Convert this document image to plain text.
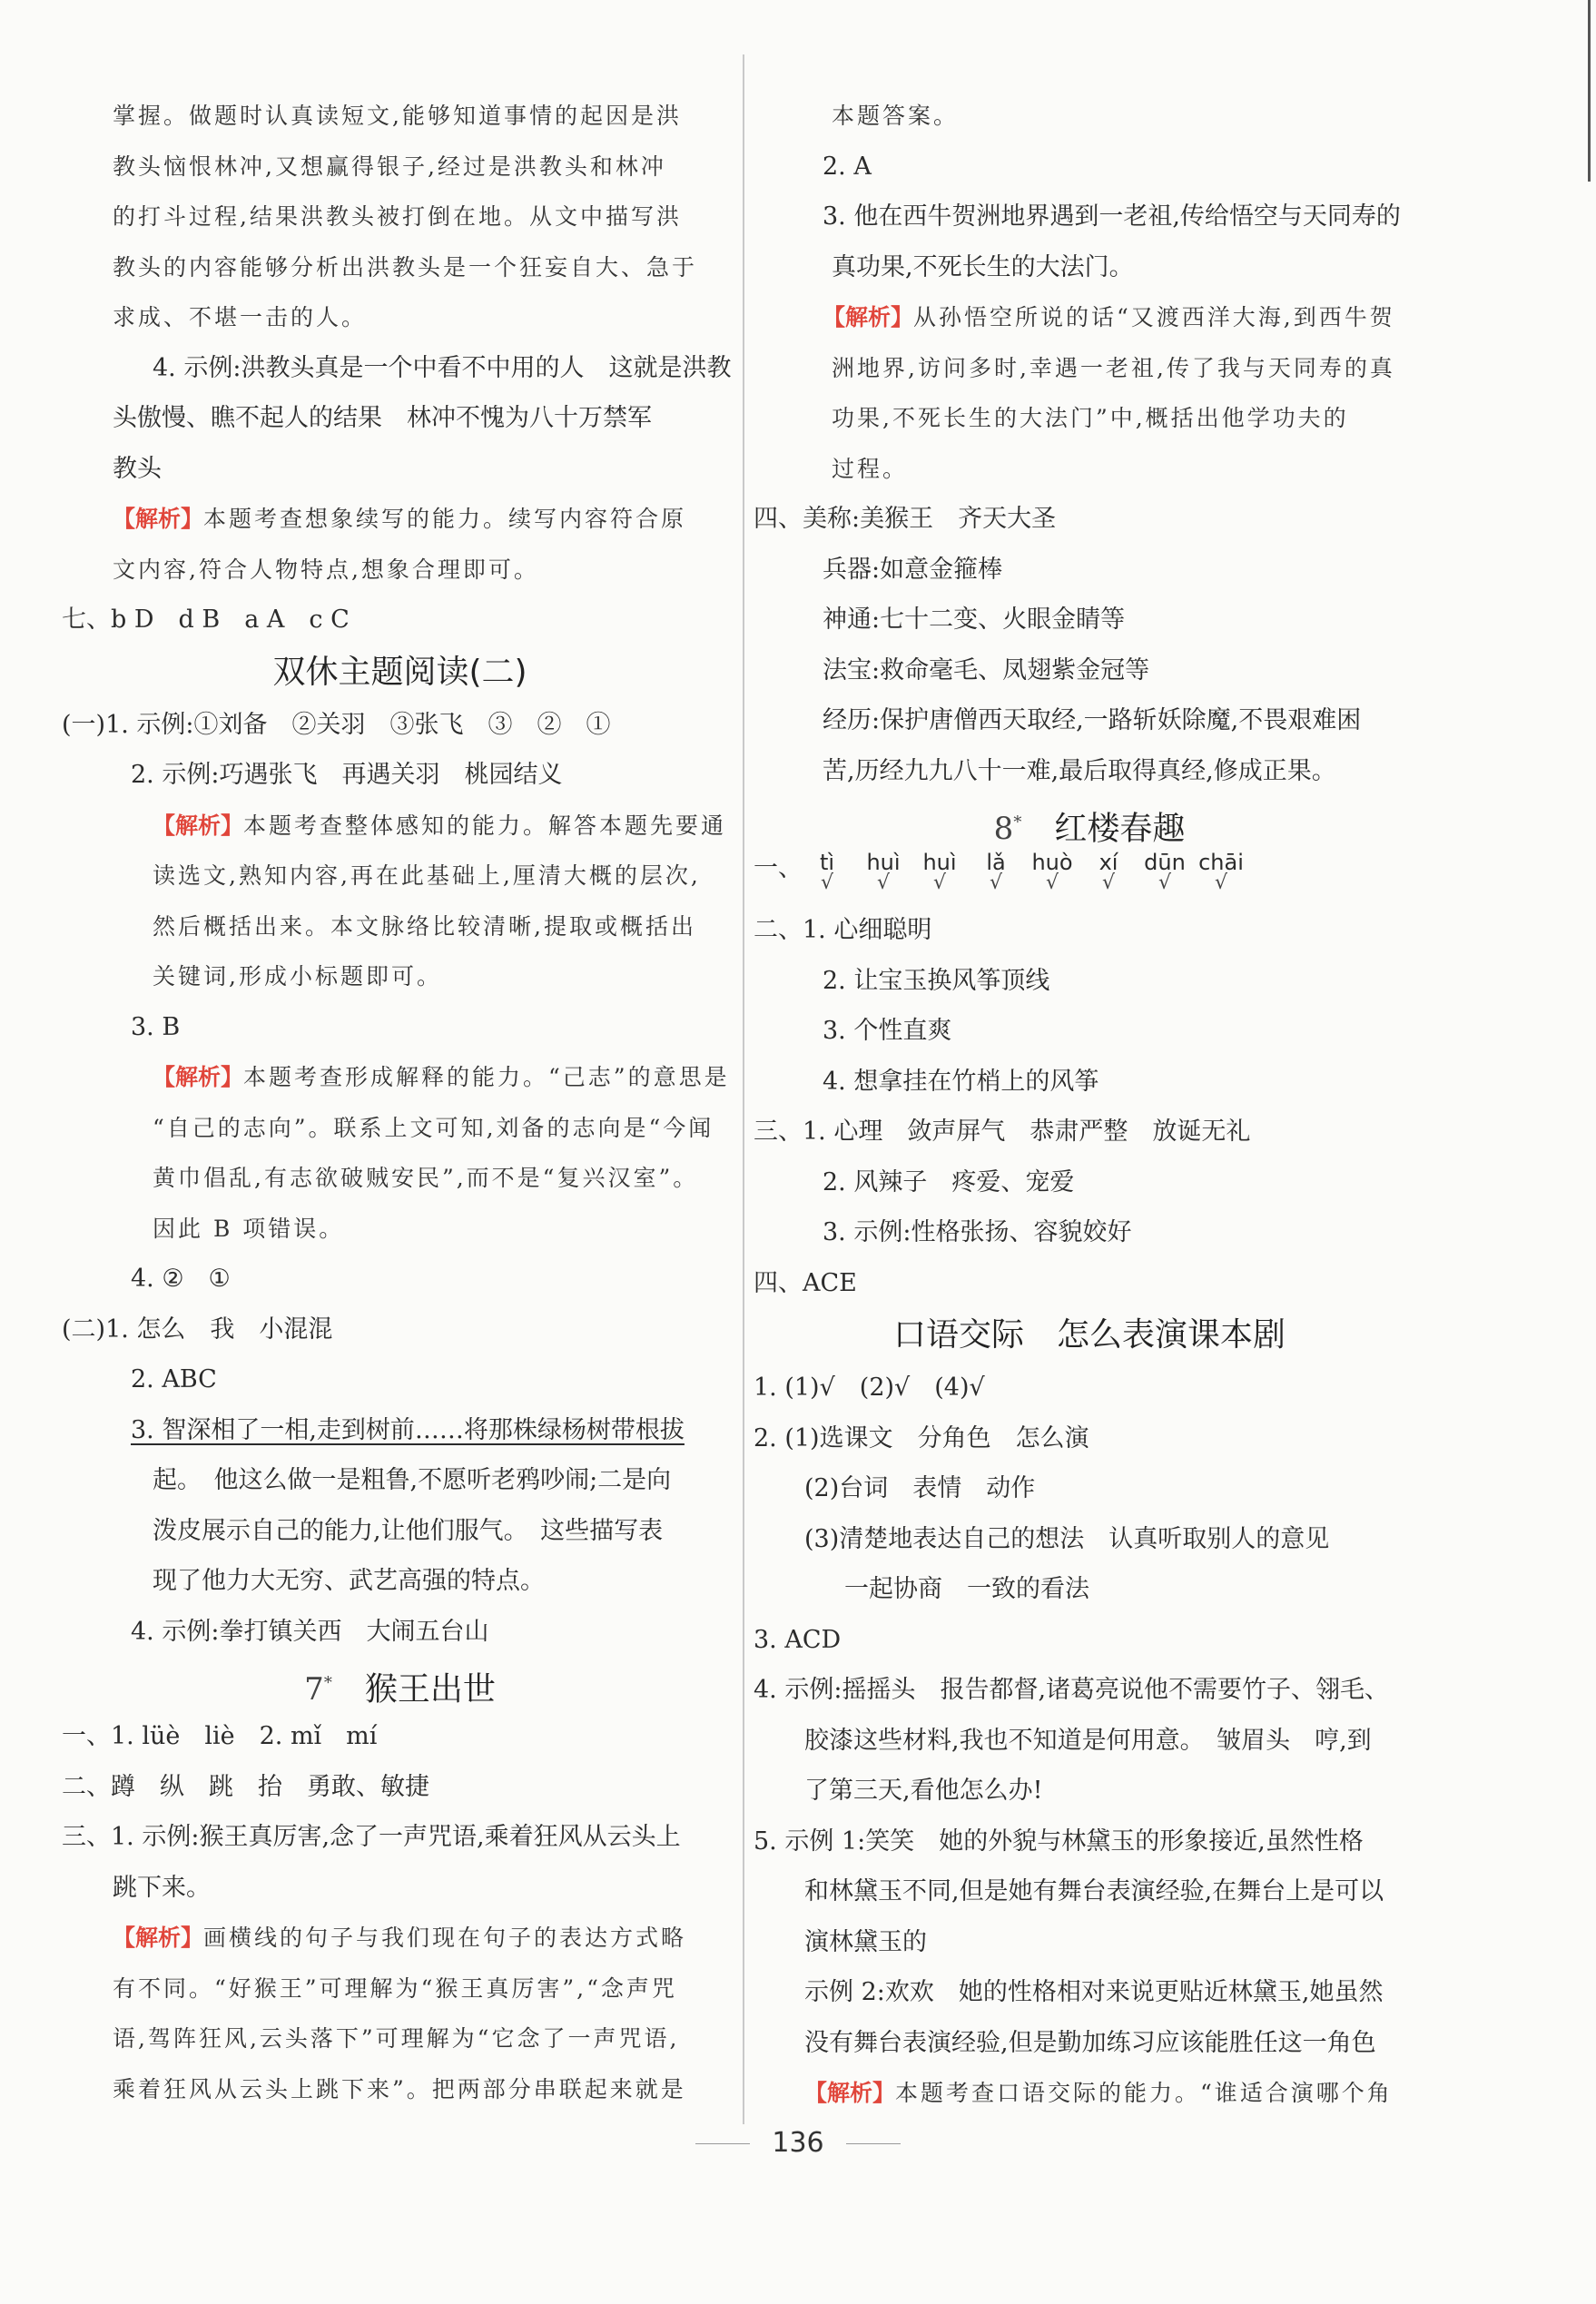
掌握。做题时认真读短文,能够知道事情的起因是洪
教头恼恨林冲,又想赢得银子,经过是洪教头和林冲
的打斗过程,结果洪教头被打倒在地。从文中描写洪
教头的内容能够分析出洪教头是一个狂妄自大、急于
求成、不堪一击的人。
4. 示例:洪教头真是一个中看不中用的人　这就是洪教
头傲慢、瞧不起人的结果　林冲不愧为八十万禁军
教头
【解析】本题考查想象续写的能力。续写内容符合原
文内容,符合人物特点,想象合理即可。
七、b D　d B　a A　c C
双休主题阅读(二)
(一)1. 示例:①刘备　②关羽　③张飞　③　②　①
2. 示例:巧遇张飞　再遇关羽　桃园结义
【解析】本题考查整体感知的能力。解答本题先要通
读选文,熟知内容,再在此基础上,厘清大概的层次,
然后概括出来。本文脉络比较清晰,提取或概括出
关键词,形成小标题即可。
3. B
【解析】本题考查形成解释的能力。“己志”的意思是
“自己的志向”。联系上文可知,刘备的志向是“今闻
黄巾倡乱,有志欲破贼安民”,而不是“复兴汉室”。
因此 B 项错误。
4. ②　①
(二)1. 怎么　我　小混混
2. ABC
3. 智深相了一相,走到树前……将那株绿杨树带根拔
起。　他这么做一是粗鲁,不愿听老鸦吵闹;二是向
泼皮展示自己的能力,让他们服气。　这些描写表
现了他力大无穷、武艺高强的特点。
4. 示例:拳打镇关西　大闹五台山
7* 猴王出世
一、1. lüè　liè　2. mǐ　mí
二、蹲　纵　跳　抬　勇敢、敏捷
三、1. 示例:猴王真厉害,念了一声咒语,乘着狂风从云头上
跳下来。
【解析】画横线的句子与我们现在句子的表达方式略
有不同。“好猴王”可理解为“猴王真厉害”,“念声咒
语,驾阵狂风,云头落下”可理解为“它念了一声咒语,
乘着狂风从云头上跳下来”。把两部分串联起来就是
本题答案。
2. A
3. 他在西牛贺洲地界遇到一老祖,传给悟空与天同寿的
真功果,不死长生的大法门。
【解析】从孙悟空所说的话“又渡西洋大海,到西牛贺
洲地界,访问多时,幸遇一老祖,传了我与天同寿的真
功果,不死长生的大法门”中,概括出他学功夫的
过程。
四、美称:美猴王　齐天大圣
兵器:如意金箍棒
神通:七十二变、火眼金睛等
法宝:救命毫毛、凤翅紫金冠等
经历:保护唐僧西天取经,一路斩妖除魔,不畏艰难困
苦,历经九九八十一难,最后取得真经,修成正果。
8* 红楼春趣
一、 tì
√
huì
√
huì
√
lǎ
√
huò
√
xí
√
dūn
√
chāi
√
二、1. 心细聪明
2. 让宝玉换风筝顶线
3. 个性直爽
4. 想拿挂在竹梢上的风筝
三、1. 心理　敛声屏气　恭肃严整　放诞无礼
2. 风辣子　疼爱、宠爱
3. 示例:性格张扬、容貌姣好
四、ACE
口语交际　怎么表演课本剧
1. (1)√　(2)√　(4)√
2. (1)选课文　分角色　怎么演
(2)台词　表情　动作
(3)清楚地表达自己的想法　认真听取别人的意见
一起协商　一致的看法
3. ACD
4. 示例:摇摇头　报告都督,诸葛亮说他不需要竹子、翎毛、
胶漆这些材料,我也不知道是何用意。　皱眉头　哼,到
了第三天,看他怎么办!
5. 示例 1:笑笑　她的外貌与林黛玉的形象接近,虽然性格
和林黛玉不同,但是她有舞台表演经验,在舞台上是可以
演林黛玉的
示例 2:欢欢　她的性格相对来说更贴近林黛玉,她虽然
没有舞台表演经验,但是勤加练习应该能胜任这一角色
【解析】本题考查口语交际的能力。“谁适合演哪个角
136
